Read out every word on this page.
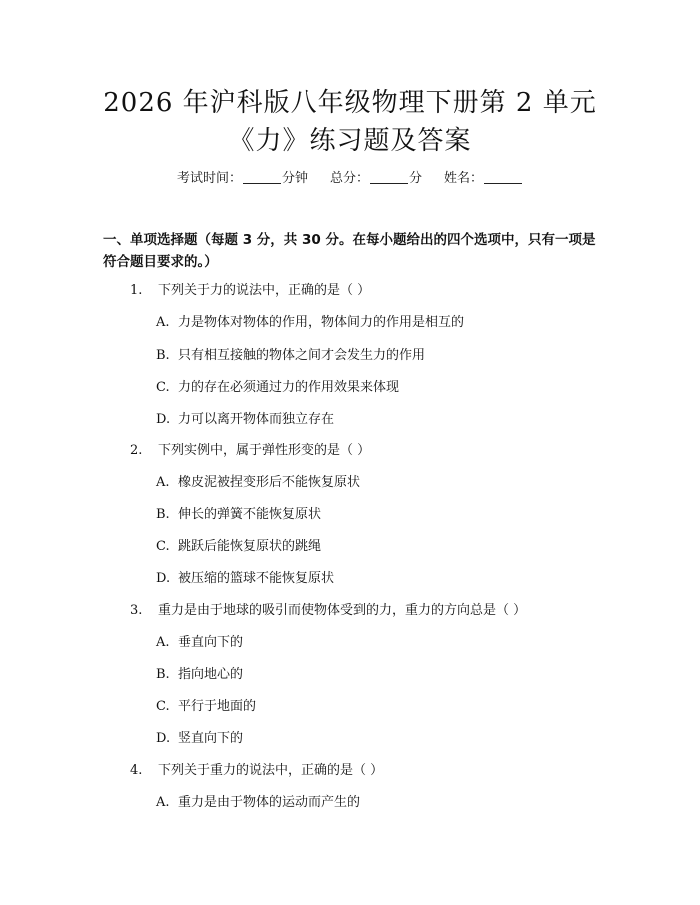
2026 年沪科版八年级物理下册第 2 单元
《力》练习题及答案
考试时间：	分钟 总分：	分 姓名：
一、单项选择题（每题 3 分，共 30 分。在每小题给出的四个选项中，只有一项是符合题目要求的。）
1. 下列关于力的说法中，正确的是（ ）
A. 力是物体对物体的作用，物体间力的作用是相互的
B. 只有相互接触的物体之间才会发生力的作用
C. 力的存在必须通过力的作用效果来体现
D. 力可以离开物体而独立存在
2. 下列实例中，属于弹性形变的是（ ）
A. 橡皮泥被捏变形后不能恢复原状
B. 伸长的弹簧不能恢复原状
C. 跳跃后能恢复原状的跳绳
D. 被压缩的篮球不能恢复原状
3. 重力是由于地球的吸引而使物体受到的力，重力的方向总是（ ）
A. 垂直向下的
B. 指向地心的
C. 平行于地面的
D. 竖直向下的
4. 下列关于重力的说法中，正确的是（ ）
A. 重力是由于物体的运动而产生的
